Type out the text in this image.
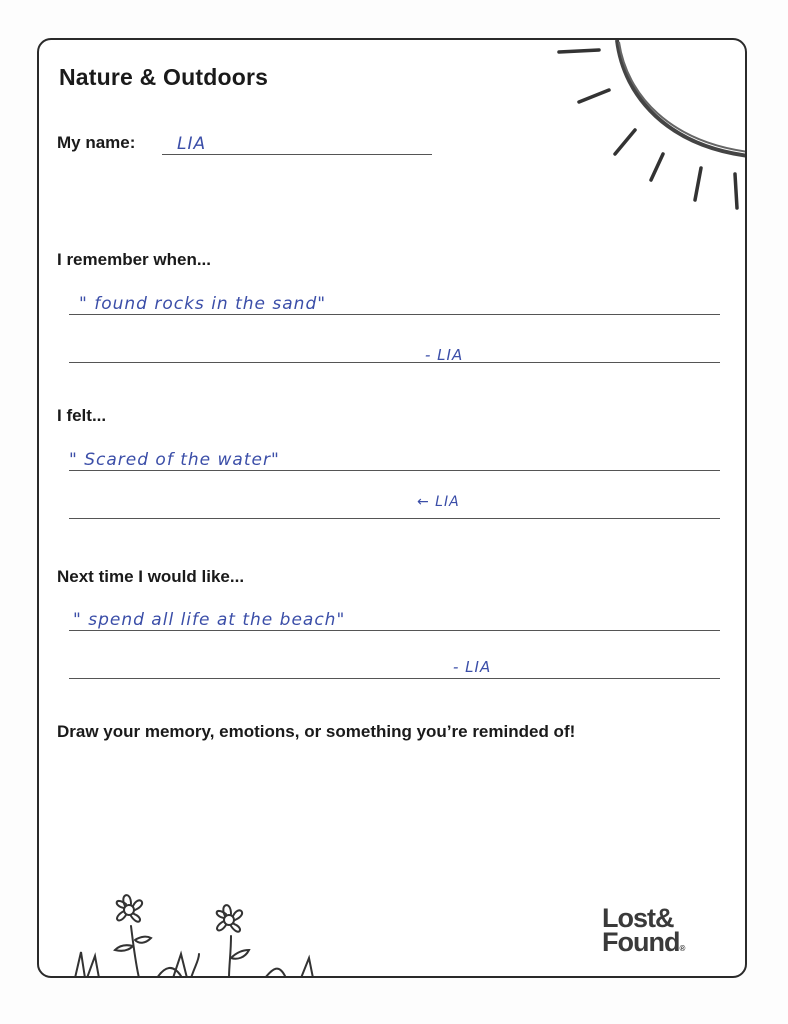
Nature & Outdoors

My name: LIA

I remember when...

" found rocks in the sand"

- LIA

I felt...

" Scared of the water"

← LIA

Next time I would like...

" spend all life at the beach"

- LIA

Draw your memory, emotions, or something you’re reminded of!

Lost&
Found®
